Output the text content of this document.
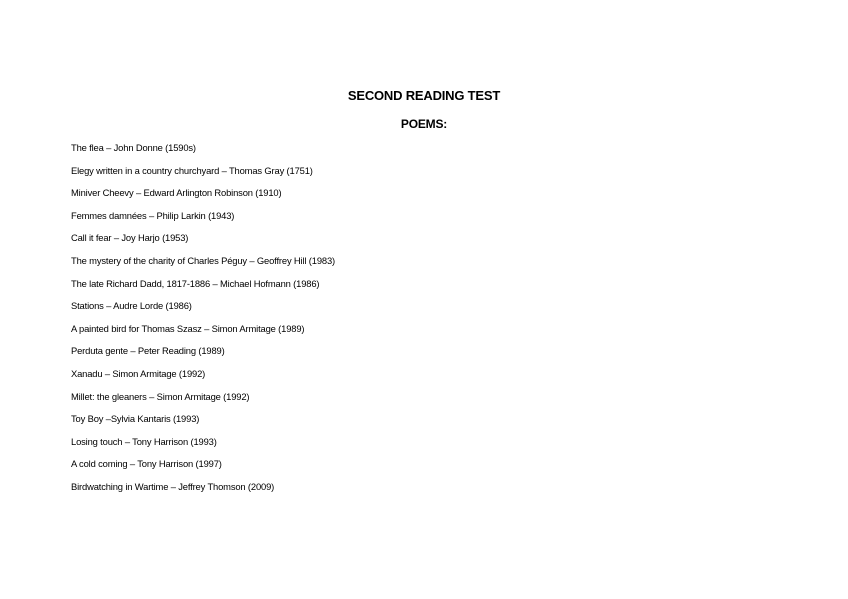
SECOND READING TEST
POEMS:
The flea – John Donne (1590s)
Elegy written in a country churchyard – Thomas Gray (1751)
Miniver Cheevy – Edward Arlington Robinson (1910)
Femmes damnées – Philip Larkin (1943)
Call it fear – Joy Harjo (1953)
The mystery of the charity of Charles Péguy – Geoffrey Hill (1983)
The late Richard Dadd, 1817-1886 – Michael Hofmann (1986)
Stations – Audre Lorde (1986)
A painted bird for Thomas Szasz – Simon Armitage (1989)
Perduta gente – Peter Reading (1989)
Xanadu – Simon Armitage (1992)
Millet: the gleaners – Simon Armitage (1992)
Toy Boy –Sylvia Kantaris (1993)
Losing touch – Tony Harrison (1993)
A cold coming – Tony Harrison (1997)
Birdwatching in Wartime – Jeffrey Thomson (2009)
